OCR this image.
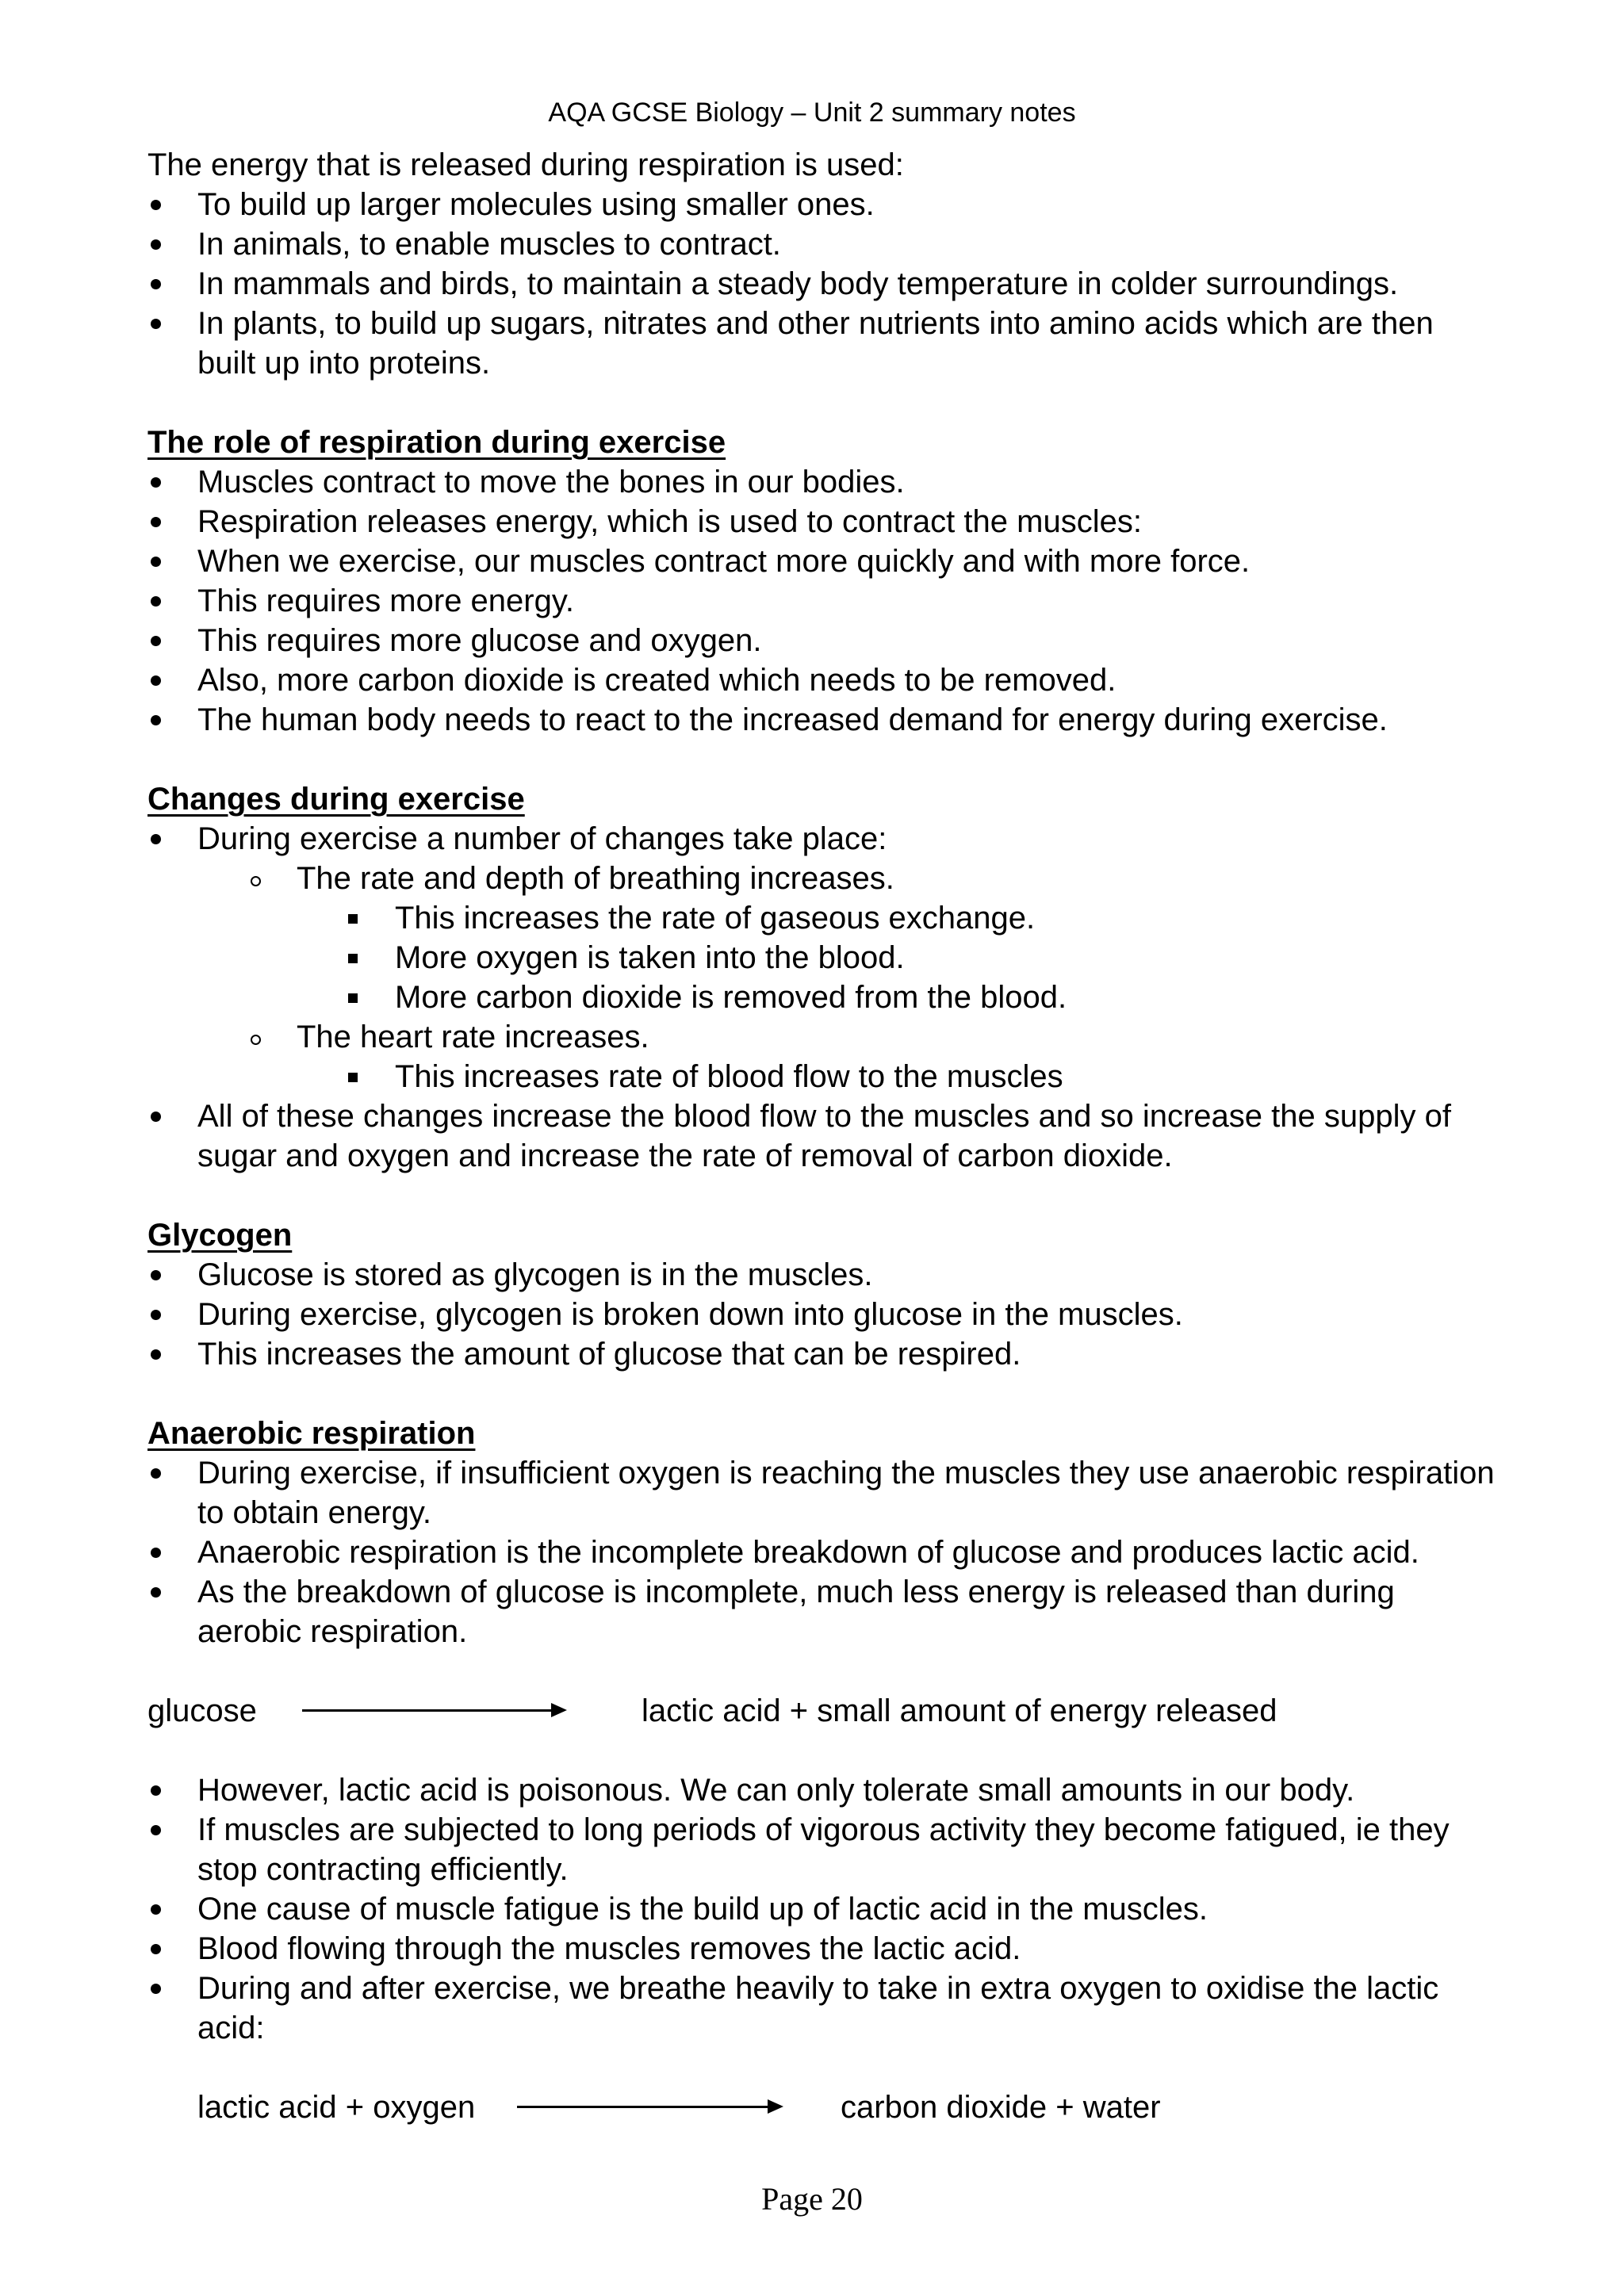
AQA GCSE Biology – Unit 2 summary notes

The energy that is released during respiration is used:

To build up larger molecules using smaller ones.
In animals, to enable muscles to contract.
In mammals and birds, to maintain a steady body temperature in colder surroundings.
In plants, to build up sugars, nitrates and other nutrients into amino acids which are then built up into proteins.

The role of respiration during exercise

Muscles contract to move the bones in our bodies.
Respiration releases energy, which is used to contract the muscles:
When we exercise, our muscles contract more quickly and with more force.
This requires more energy.
This requires more glucose and oxygen.
Also, more carbon dioxide is created which needs to be removed.
The human body needs to react to the increased demand for energy during exercise.

Changes during exercise

During exercise a number of changes take place:
The rate and depth of breathing increases.
This increases the rate of gaseous exchange.
More oxygen is taken into the blood.
More carbon dioxide is removed from the blood.
The heart rate increases.
This increases rate of blood flow to the muscles
All of these changes increase the blood flow to the muscles and so increase the supply of sugar and oxygen and increase the rate of removal of carbon dioxide.

Glycogen

Glucose is stored as glycogen is in the muscles.
During exercise, glycogen is broken down into glucose in the muscles.
This increases the amount of glucose that can be respired.

Anaerobic respiration

During exercise, if insufficient oxygen is reaching the muscles they use anaerobic respiration to obtain energy.
Anaerobic respiration is the incomplete breakdown of glucose and produces lactic acid.
As the breakdown of glucose is incomplete, much less energy is released than during aerobic respiration.
glucose	lactic acid + small amount of energy released
However, lactic acid is poisonous. We can only tolerate small amounts in our body.
If muscles are subjected to long periods of vigorous activity they become fatigued, ie they stop contracting efficiently.
One cause of muscle fatigue is the build up of lactic acid in the muscles.
Blood flowing through the muscles removes the lactic acid.
During and after exercise, we breathe heavily to take in extra oxygen to oxidise the lactic acid:
lactic acid + oxygen	carbon dioxide + water
Page 20
